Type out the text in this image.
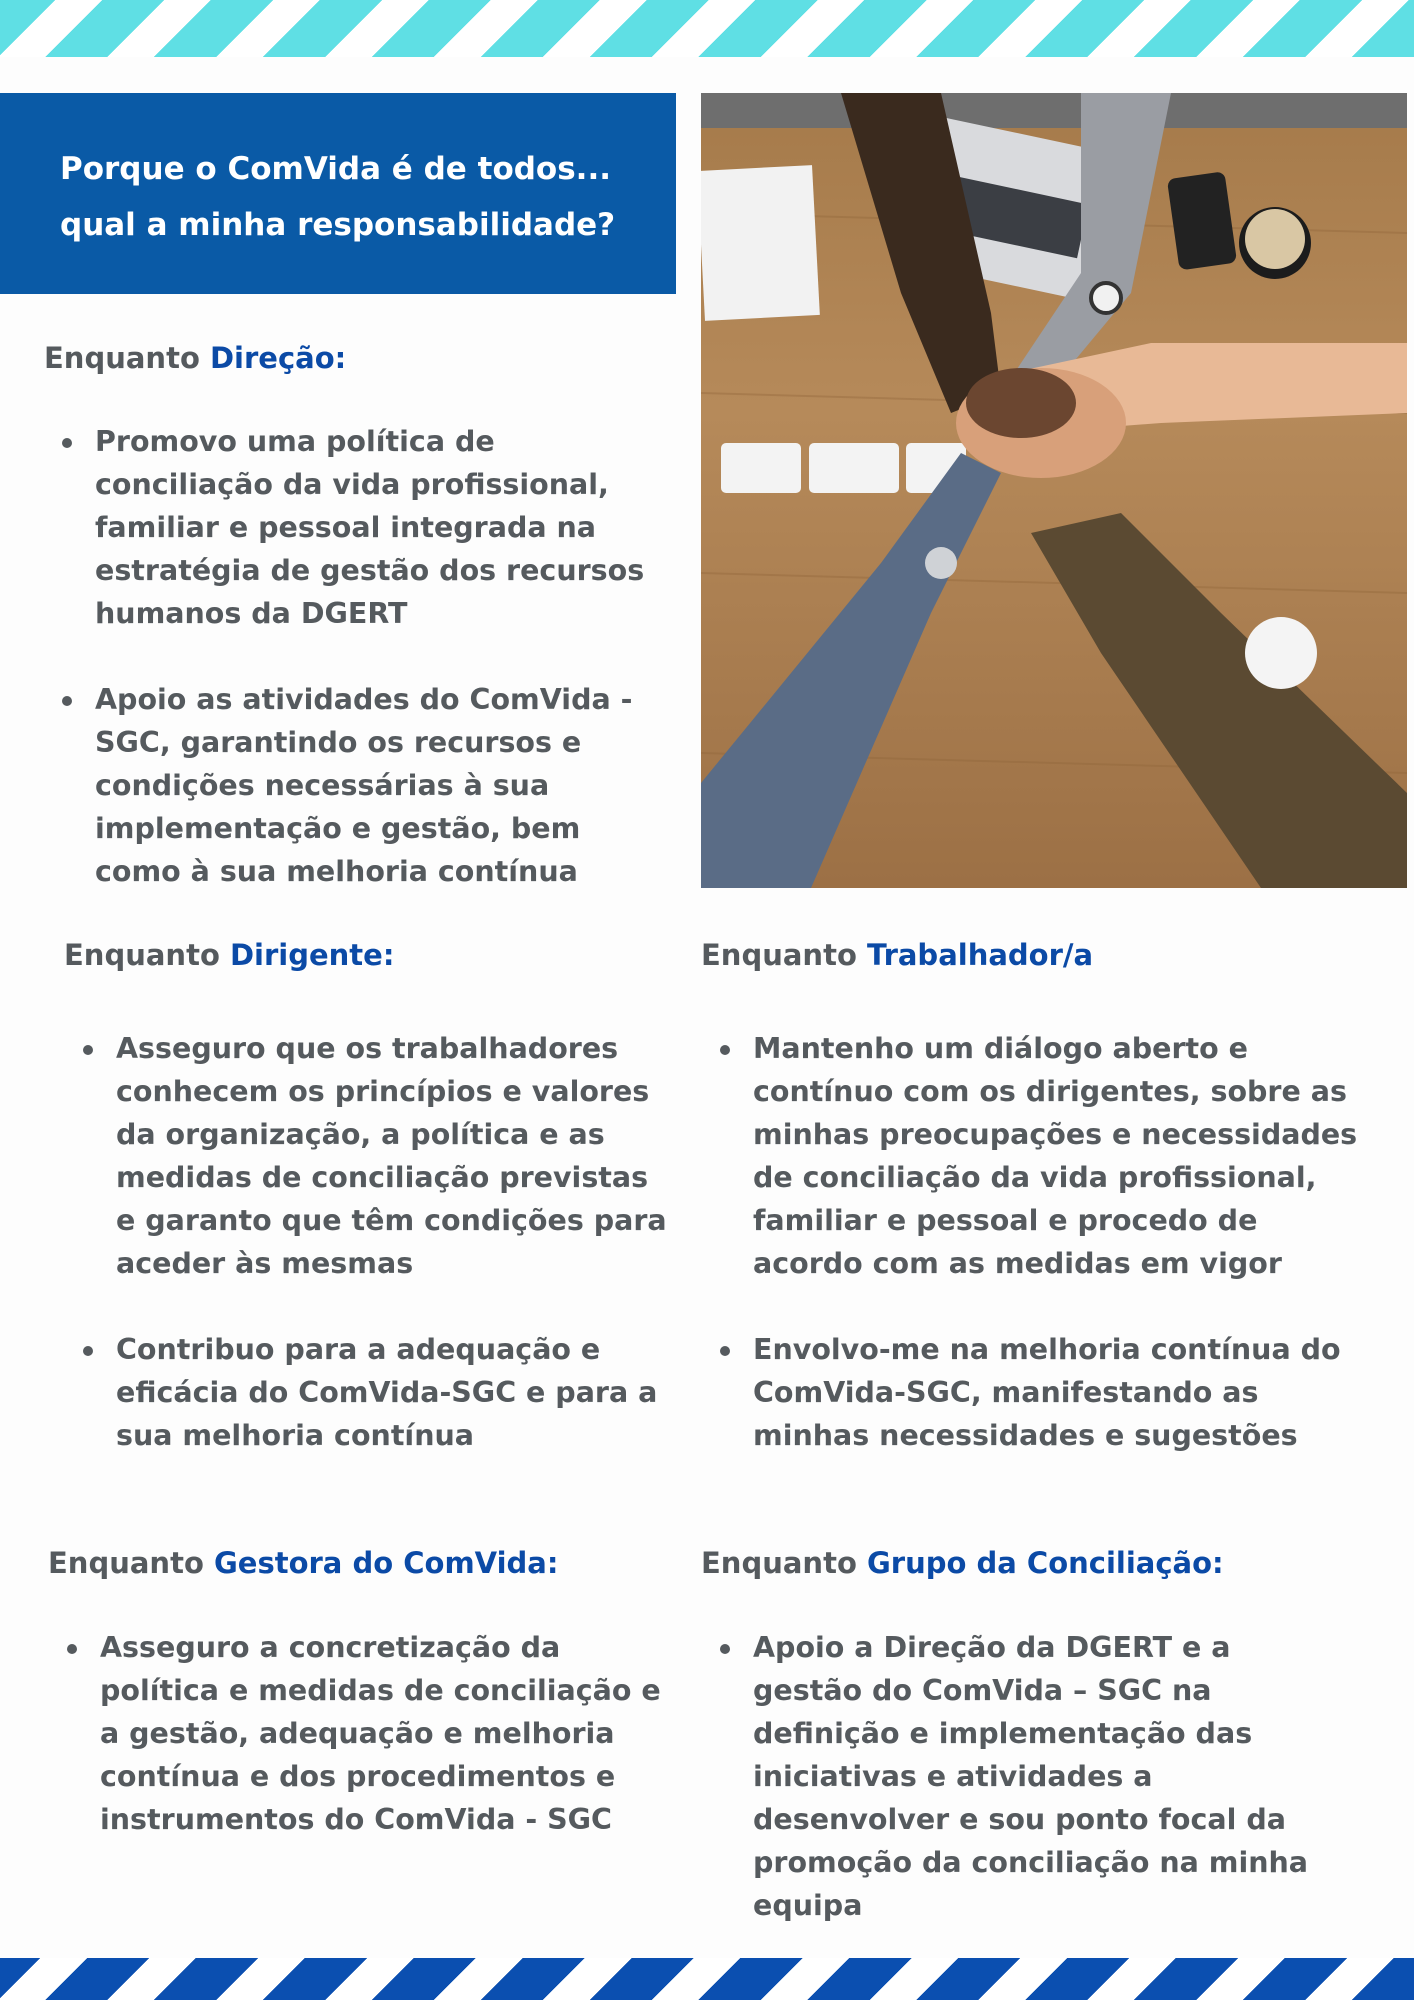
Porque o ComVida é de todos...
qual a minha responsabilidade?
Enquanto Direção:
Promovo uma política de conciliação da vida profissional, familiar e pessoal integrada na estratégia de gestão dos recursos humanos da DGERT
Apoio as atividades do ComVida - SGC, garantindo os recursos e condições necessárias à sua implementação e gestão, bem como à sua melhoria contínua
Enquanto Dirigente:
Asseguro que os trabalhadores conhecem os princípios e valores da organização, a política e as medidas de conciliação previstas e garanto que têm condições para aceder às mesmas
Contribuo para a adequação e eficácia do ComVida-SGC e para a sua melhoria contínua
Enquanto Trabalhador/a
Mantenho um diálogo aberto e contínuo com os dirigentes, sobre as minhas preocupações e necessidades de conciliação da vida profissional, familiar e pessoal e procedo de acordo com as medidas em vigor
Envolvo-me na melhoria contínua do ComVida-SGC, manifestando as minhas necessidades e sugestões
Enquanto Gestora do ComVida:
Asseguro a concretização da política e medidas de conciliação e a gestão, adequação e melhoria contínua e dos procedimentos e instrumentos do ComVida - SGC
Enquanto Grupo da Conciliação:
Apoio a Direção da DGERT e a gestão do ComVida – SGC na definição e implementação das iniciativas e atividades a desenvolver e sou ponto focal da promoção da conciliação na minha equipa
